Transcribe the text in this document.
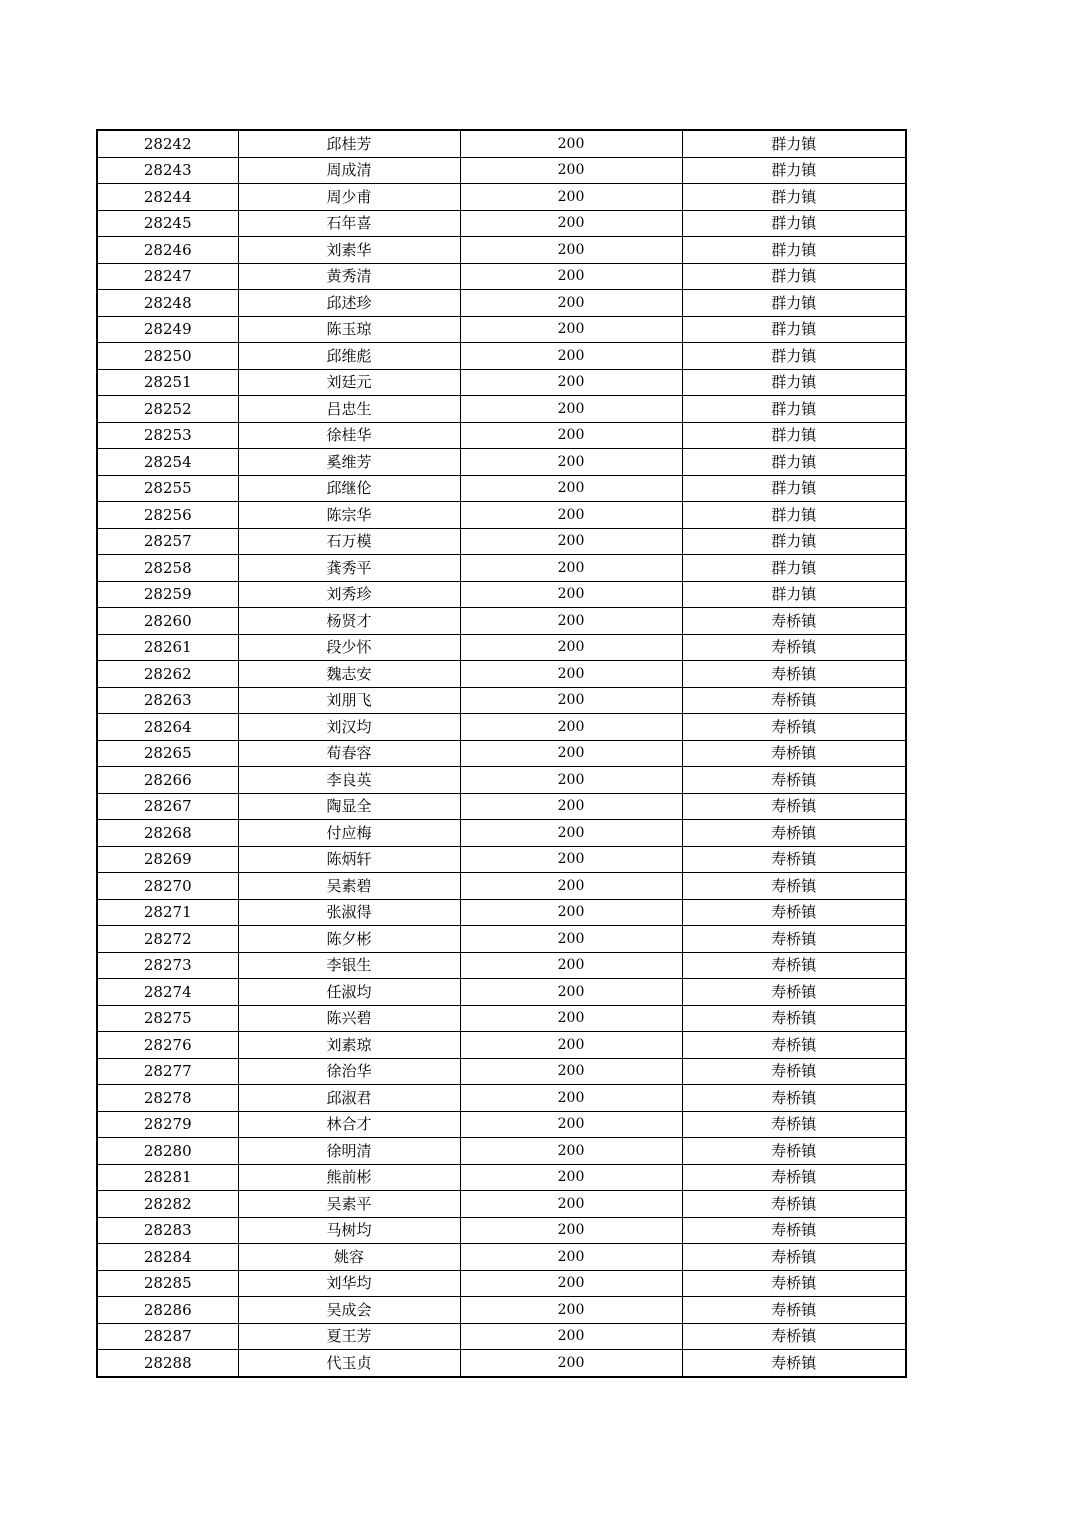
28242	邱桂芳	200	群力镇
28243	周成清	200	群力镇
28244	周少甫	200	群力镇
28245	石年喜	200	群力镇
28246	刘素华	200	群力镇
28247	黄秀清	200	群力镇
28248	邱述珍	200	群力镇
28249	陈玉琼	200	群力镇
28250	邱维彪	200	群力镇
28251	刘廷元	200	群力镇
28252	吕忠生	200	群力镇
28253	徐桂华	200	群力镇
28254	奚维芳	200	群力镇
28255	邱继伦	200	群力镇
28256	陈宗华	200	群力镇
28257	石万模	200	群力镇
28258	龚秀平	200	群力镇
28259	刘秀珍	200	群力镇
28260	杨贤才	200	寿桥镇
28261	段少怀	200	寿桥镇
28262	魏志安	200	寿桥镇
28263	刘朋飞	200	寿桥镇
28264	刘汉均	200	寿桥镇
28265	荀春容	200	寿桥镇
28266	李良英	200	寿桥镇
28267	陶显全	200	寿桥镇
28268	付应梅	200	寿桥镇
28269	陈炳轩	200	寿桥镇
28270	吴素碧	200	寿桥镇
28271	张淑得	200	寿桥镇
28272	陈夕彬	200	寿桥镇
28273	李银生	200	寿桥镇
28274	任淑均	200	寿桥镇
28275	陈兴碧	200	寿桥镇
28276	刘素琼	200	寿桥镇
28277	徐治华	200	寿桥镇
28278	邱淑君	200	寿桥镇
28279	林合才	200	寿桥镇
28280	徐明清	200	寿桥镇
28281	熊前彬	200	寿桥镇
28282	吴素平	200	寿桥镇
28283	马树均	200	寿桥镇
28284	姚容	200	寿桥镇
28285	刘华均	200	寿桥镇
28286	吴成会	200	寿桥镇
28287	夏王芳	200	寿桥镇
28288	代玉贞	200	寿桥镇
